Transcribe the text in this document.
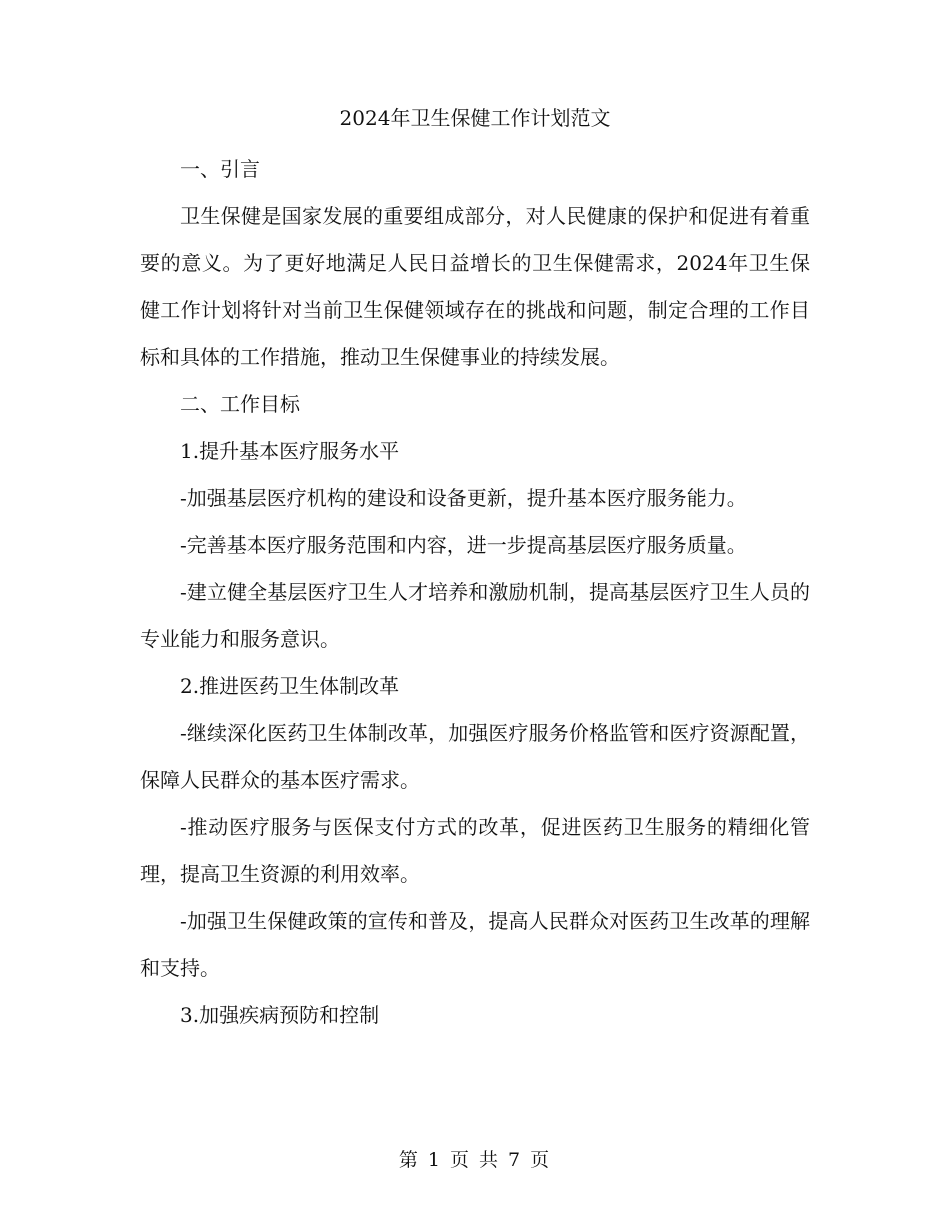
2024年卫生保健工作计划范文

一、引言

卫生保健是国家发展的重要组成部分，对人民健康的保护和促进有着重要的意义。为了更好地满足人民日益增长的卫生保健需求，2024年卫生保健工作计划将针对当前卫生保健领域存在的挑战和问题，制定合理的工作目标和具体的工作措施，推动卫生保健事业的持续发展。

二、工作目标

1.提升基本医疗服务水平

-加强基层医疗机构的建设和设备更新，提升基本医疗服务能力。

-完善基本医疗服务范围和内容，进一步提高基层医疗服务质量。

-建立健全基层医疗卫生人才培养和激励机制，提高基层医疗卫生人员的专业能力和服务意识。

2.推进医药卫生体制改革

-继续深化医药卫生体制改革，加强医疗服务价格监管和医疗资源配置，保障人民群众的基本医疗需求。

-推动医疗服务与医保支付方式的改革，促进医药卫生服务的精细化管理，提高卫生资源的利用效率。

-加强卫生保健政策的宣传和普及，提高人民群众对医药卫生改革的理解和支持。

3.加强疾病预防和控制

第 1 页 共 7 页
